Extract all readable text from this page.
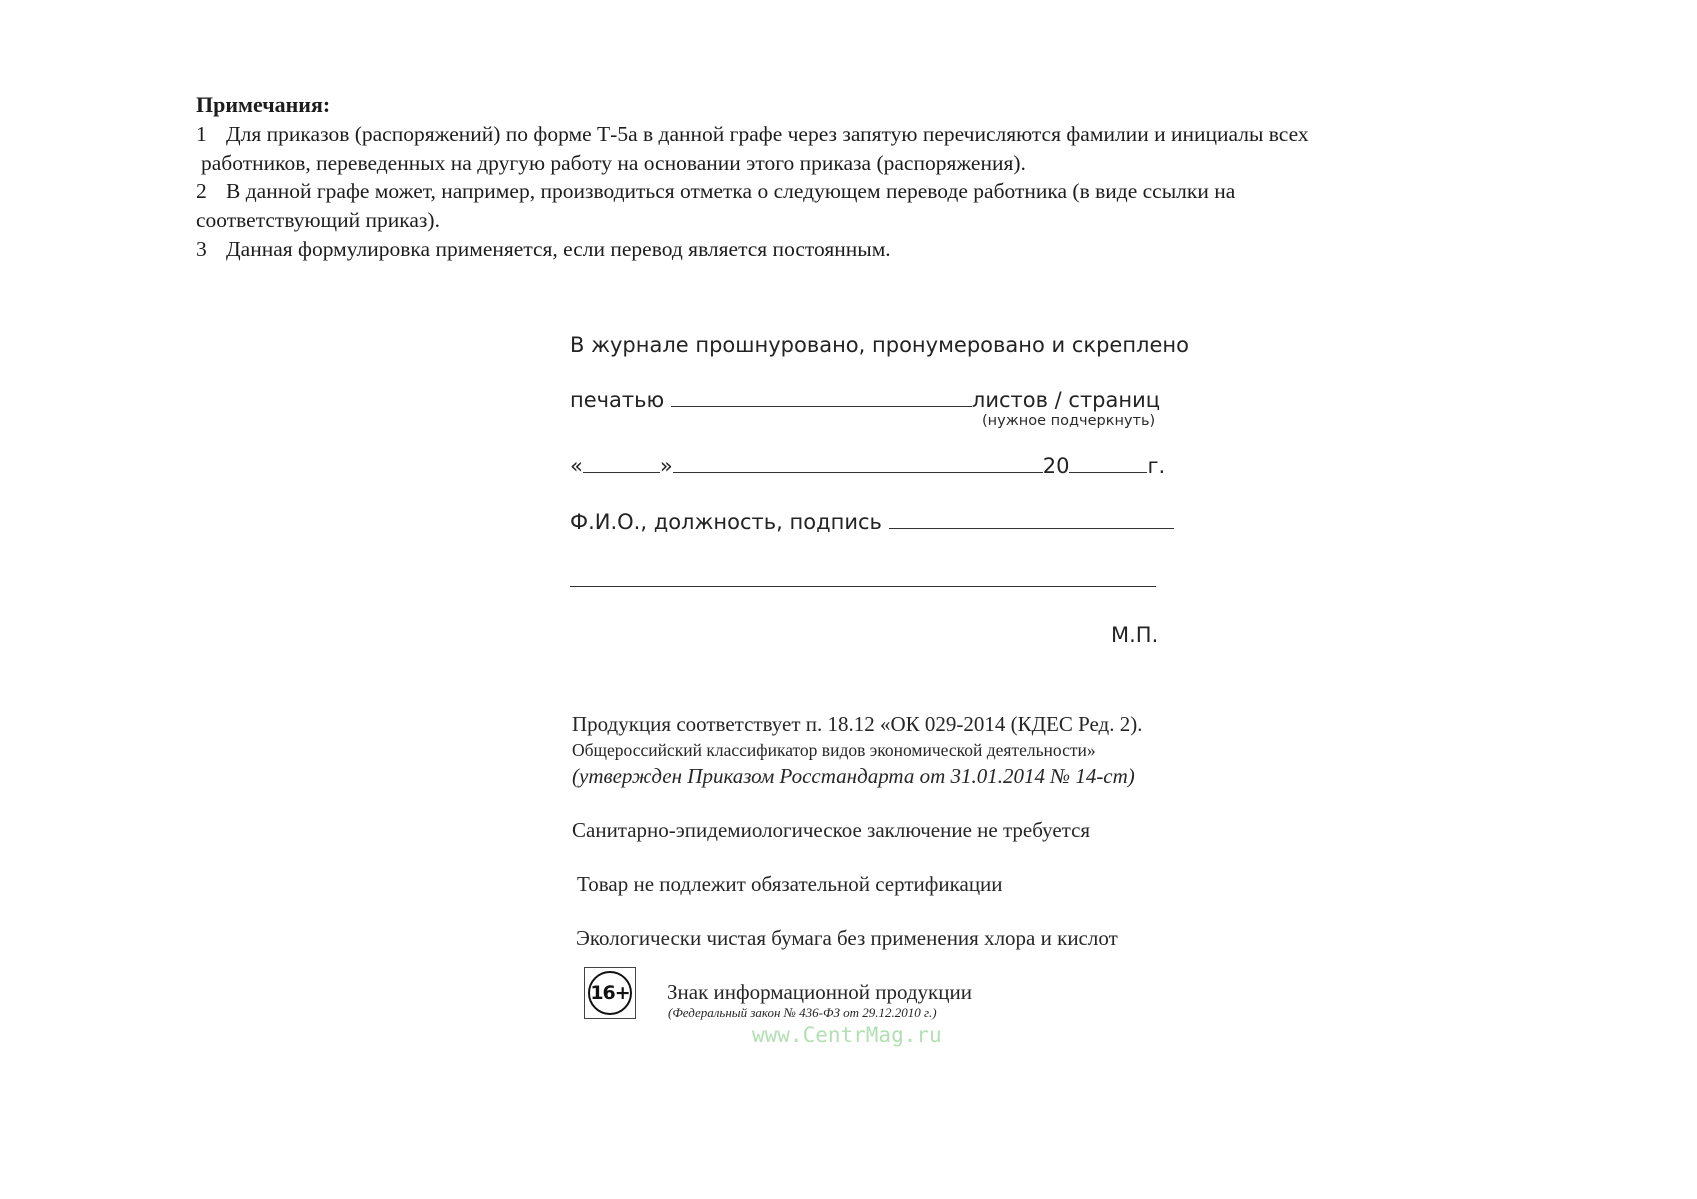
Примечания:
1 Для приказов (распоряжений) по форме Т-5а в данной графе через запятую перечисляются фамилии и инициалы всех
работников, переведенных на другую работу на основании этого приказа (распоряжения).
2 В данной графе может, например, производиться отметка о следующем переводе работника (в виде ссылки на
соответствующий приказ).
3 Данная формулировка применяется, если перевод является постоянным.
В журнале прошнуровано, пронумеровано и скреплено
печатью	листов / страниц
(нужное подчеркнуть)
«	»	20	г.
Ф.И.О., должность, подпись
М.П.
Продукция соответствует п. 18.12 «ОК 029-2014 (КДЕС Ред. 2).
Общероссийский классификатор видов экономической деятельности»
(утвержден Приказом Росстандарта от 31.01.2014 № 14-ст)
Санитарно-эпидемиологическое заключение не требуется
Товар не подлежит обязательной сертификации
Экологически чистая бумага без применения хлора и кислот
16+ Знак информационной продукции
(Федеральный закон № 436-ФЗ от 29.12.2010 г.)
www.CentrMag.ru
